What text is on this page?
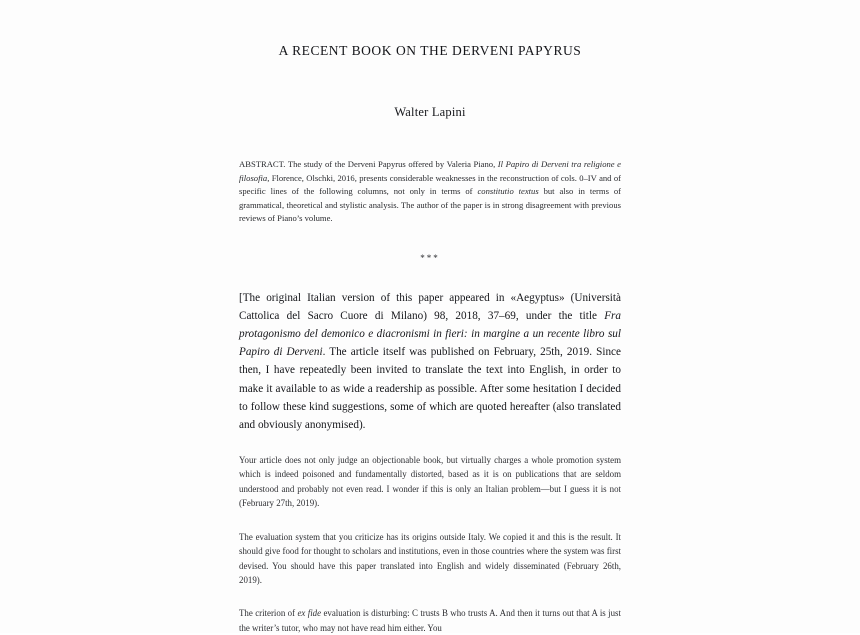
A RECENT BOOK ON THE DERVENI PAPYRUS
Walter Lapini

ABSTRACT. The study of the Derveni Papyrus offered by Valeria Piano, Il Papiro di Derveni tra religione e filosofia, Florence, Olschki, 2016, presents considerable weaknesses in the reconstruction of cols. 0–IV and of specific lines of the following columns, not only in terms of constitutio textus but also in terms of grammatical, theoretical and stylistic analysis. The author of the paper is in strong disagreement with previous reviews of Piano’s volume.

***

[The original Italian version of this paper appeared in «Aegyptus» (Università Cattolica del Sacro Cuore di Milano) 98, 2018, 37–69, under the title Fra protagonismo del demonico e diacronismi in fieri: in margine a un recente libro sul Papiro di Derveni. The article itself was published on February, 25th, 2019. Since then, I have repeatedly been invited to translate the text into English, in order to make it available to as wide a readership as possible. After some hesitation I decided to follow these kind suggestions, some of which are quoted hereafter (also translated and obviously anonymised).

Your article does not only judge an objectionable book, but virtually charges a whole promotion system which is indeed poisoned and fundamentally distorted, based as it is on publications that are seldom understood and probably not even read. I wonder if this is only an Italian problem—but I guess it is not (February 27th, 2019).

The evaluation system that you criticize has its origins outside Italy. We copied it and this is the result. It should give food for thought to scholars and institutions, even in those countries where the system was first devised. You should have this paper translated into English and widely disseminated (February 26th, 2019).

The criterion of ex fide evaluation is disturbing: C trusts B who trusts A. And then it turns out that A is just the writer’s tutor, who may not have read him either. You
